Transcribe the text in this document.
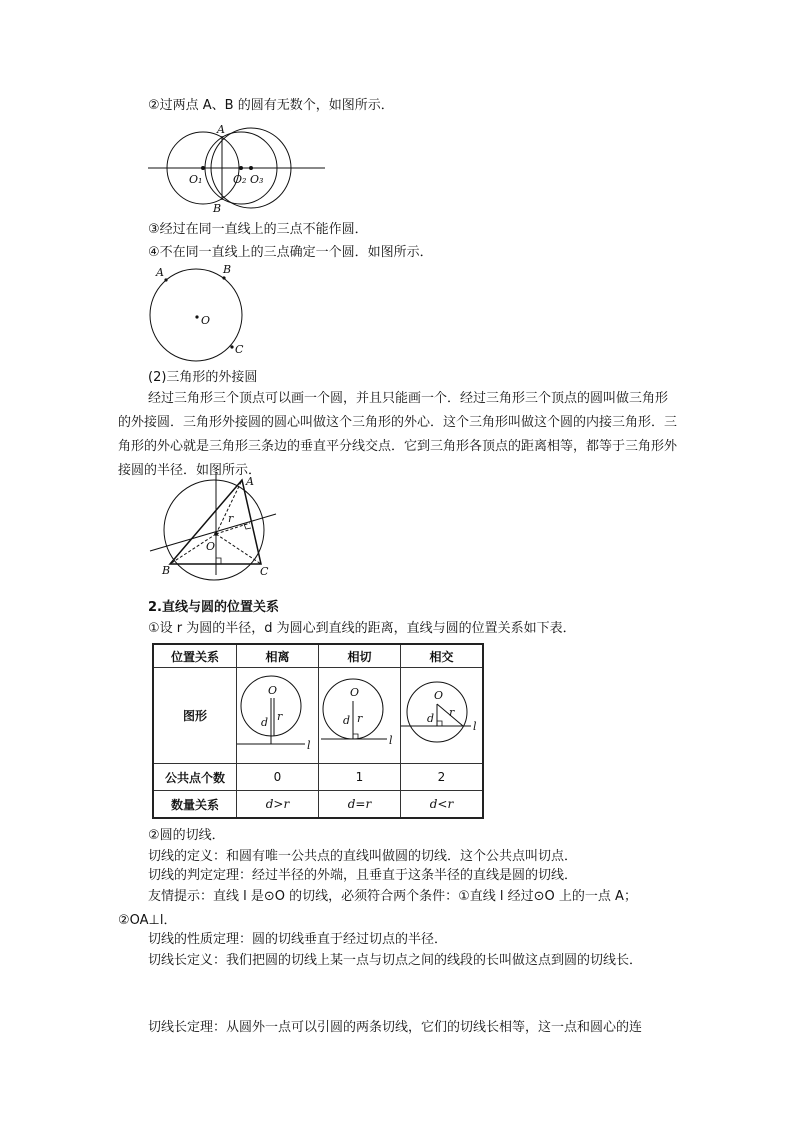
②过两点 A、B 的圆有无数个，如图所示．
A
B
O₁	O₂ O₃
③经过在同一直线上的三点不能作圆．
④不在同一直线上的三点确定一个圆．如图所示．
A	B
C
O
(2)三角形的外接圆
经过三角形三个顶点可以画一个圆，并且只能画一个．经过三角形三个顶点的圆叫做三角形的外接圆．三角形外接圆的圆心叫做这个三角形的外心．这个三角形叫做这个圆的内接三角形．三角形的外心就是三角形三条边的垂直平分线交点．它到三角形各顶点的距离相等，都等于三角形外接圆的半径．如图所示．
A
B	C
O
r
2.直线与圆的位置关系
①设 r 为圆的半径，d 为圆心到直线的距离，直线与圆的位置关系如下表．
位置关系	相离	相切	相交
图形	O
d r
l	O
d r
l	O
d r
l

公共点个数	0	1	2
数量关系	d>r	d=r	d<r
②圆的切线．
切线的定义：和圆有唯一公共点的直线叫做圆的切线．这个公共点叫切点．
切线的判定定理：经过半径的外端，且垂直于这条半径的直线是圆的切线．
友情提示：直线 l 是⊙O 的切线，必须符合两个条件：①直线 l 经过⊙O 上的一点 A；②OA⊥l．
切线的性质定理：圆的切线垂直于经过切点的半径．
切线长定义：我们把圆的切线上某一点与切点之间的线段的长叫做这点到圆的切线长．
切线长定理：从圆外一点可以引圆的两条切线，它们的切线长相等，这一点和圆心的连
